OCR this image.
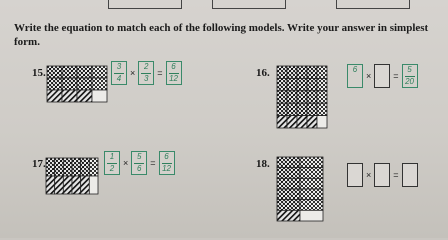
Write the equation to match each of the following models. Write your answer in simplest form.
15.	$\frac{3}{4} \times \frac{2}{3} = \frac{6}{12}$	16.	6
× = $\frac{5}{20}$
17.	$\frac{1}{2} \times \frac{5}{6} = \frac{6}{12}$	18.
× =
